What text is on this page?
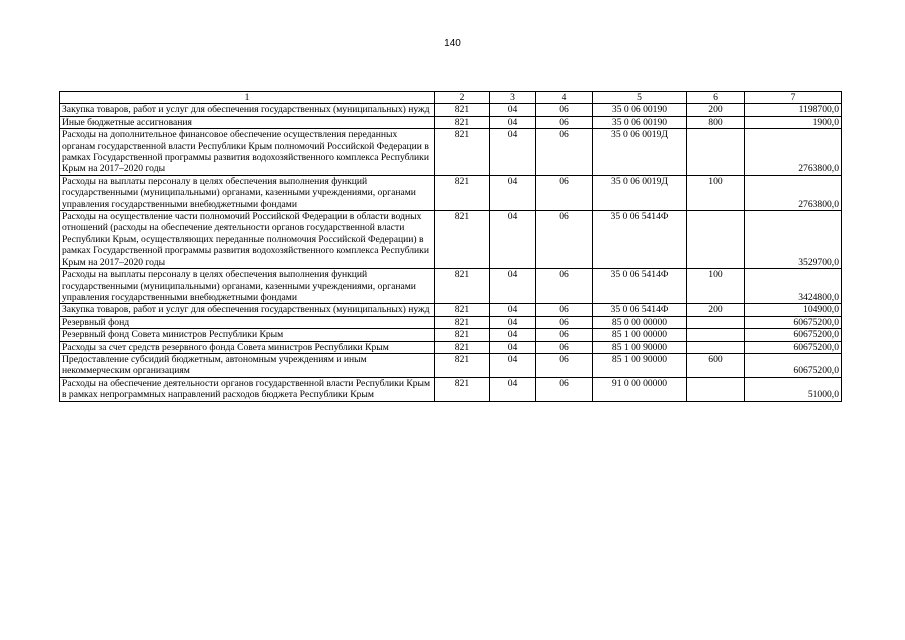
140
1	2	3	4	5	6	7
Закупка товаров, работ и услуг для обеспечения государственных (муниципальных) нужд	821	04	06	35 0 06 00190	200	1198700,0
Иные бюджетные ассигнования	821	04	06	35 0 06 00190	800	1900,0
Расходы на дополнительное финансовое обеспечение осуществления переданных органам государственной власти Республики Крым полномочий Российской Федерации в рамках Государственной программы развития водохозяйственного комплекса Республики Крым на 2017–2020 годы	821	04	06	35 0 06 0019Д		2763800,0
Расходы на выплаты персоналу в целях обеспечения выполнения функций государственными (муниципальными) органами, казенными учреждениями, органами управления государственными внебюджетными фондами	821	04	06	35 0 06 0019Д	100	2763800,0
Расходы на осуществление части полномочий Российской Федерации в области водных отношений (расходы на обеспечение деятельности органов государственной власти Республики Крым, осуществляющих переданные полномочия Российской Федерации) в рамках Государственной программы развития водохозяйственного комплекса Республики Крым на 2017–2020 годы	821	04	06	35 0 06 5414Ф		3529700,0
Расходы на выплаты персоналу в целях обеспечения выполнения функций государственными (муниципальными) органами, казенными учреждениями, органами управления государственными внебюджетными фондами	821	04	06	35 0 06 5414Ф	100	3424800,0
Закупка товаров, работ и услуг для обеспечения государственных (муниципальных) нужд	821	04	06	35 0 06 5414Ф	200	104900,0
Резервный фонд	821	04	06	85 0 00 00000		60675200,0
Резервный фонд Совета министров Республики Крым	821	04	06	85 1 00 00000		60675200,0
Расходы за счет средств резервного фонда Совета министров Республики Крым	821	04	06	85 1 00 90000		60675200,0
Предоставление субсидий бюджетным, автономным учреждениям и иным некоммерческим организациям	821	04	06	85 1 00 90000	600	60675200,0
Расходы на обеспечение деятельности органов государственной власти Республики Крым в рамках непрограммных направлений расходов бюджета Республики Крым	821	04	06	91 0 00 00000		51000,0
